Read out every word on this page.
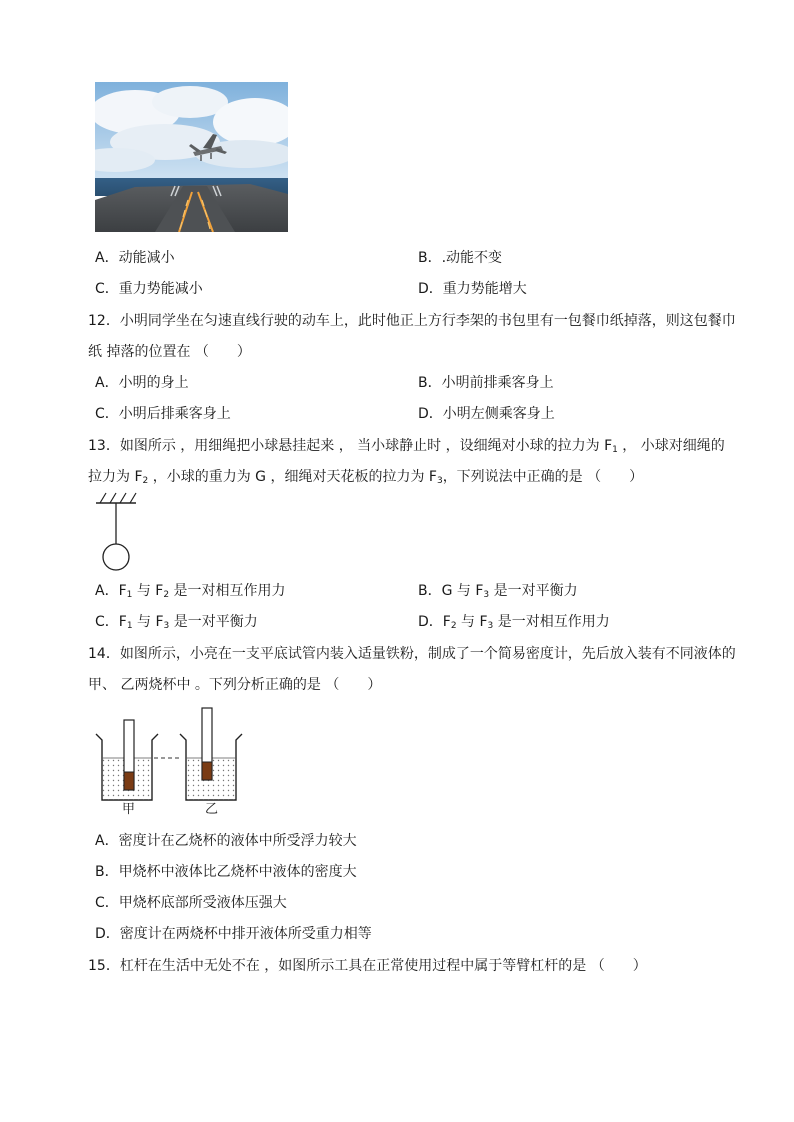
A．动能减小	B．.动能不变
C．重力势能减小	D．重力势能增大
12．小明同学坐在匀速直线行驶的动车上，此时他正上方行李架的书包里有一包餐巾纸掉落，则这包餐巾
纸 掉落的位置在 （　　）
A．小明的身上	B．小明前排乘客身上
C．小明后排乘客身上	D．小明左侧乘客身上
13．如图所示 ，用细绳把小球悬挂起来 ， 当小球静止时 ，设细绳对小球的拉力为 $F_1$ ， 小球对细绳的
拉力为 $F_2$ ，小球的重力为 G ，细绳对天花板的拉力为 $F_3$，下列说法中正确的是 （　　）
A．$F_1$ 与 $F_2$ 是一对相互作用力	B．G 与 $F_3$ 是一对平衡力
C．$F_1$ 与 $F_3$ 是一对平衡力	D．$F_2$ 与 $F_3$ 是一对相互作用力
14．如图所示，小亮在一支平底试管内装入适量铁粉，制成了一个简易密度计，先后放入装有不同液体的
甲、 乙两烧杯中 。下列分析正确的是 （　　）
甲	乙
A．密度计在乙烧杯的液体中所受浮力较大
B．甲烧杯中液体比乙烧杯中液体的密度大
C．甲烧杯底部所受液体压强大
D．密度计在两烧杯中排开液体所受重力相等
15．杠杆在生活中无处不在 ，如图所示工具在正常使用过程中属于等臂杠杆的是 （　　）
